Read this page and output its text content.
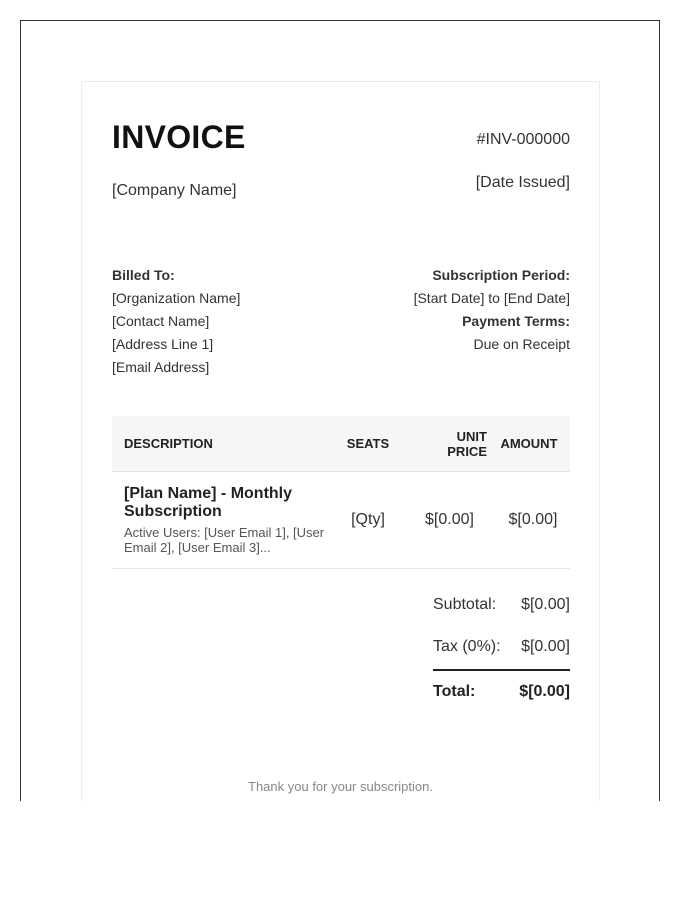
INVOICE	#INV-000000
[Company Name]	[Date Issued]
Billed To:
[Organization Name]
[Contact Name]
[Address Line 1]
[Email Address]
Subscription Period:
[Start Date] to [End Date]
Payment Terms:
Due on Receipt
DESCRIPTION	SEATS	UNIT PRICE	AMOUNT
[Plan Name] - Monthly Subscription
Active Users: [User Email 1], [User Email 2], [User Email 3]...
[Qty]	$[0.00]	$[0.00]
Subtotal: $[0.00]
Tax (0%): $[0.00]
Total:	$[0.00]
Thank you for your subscription.
